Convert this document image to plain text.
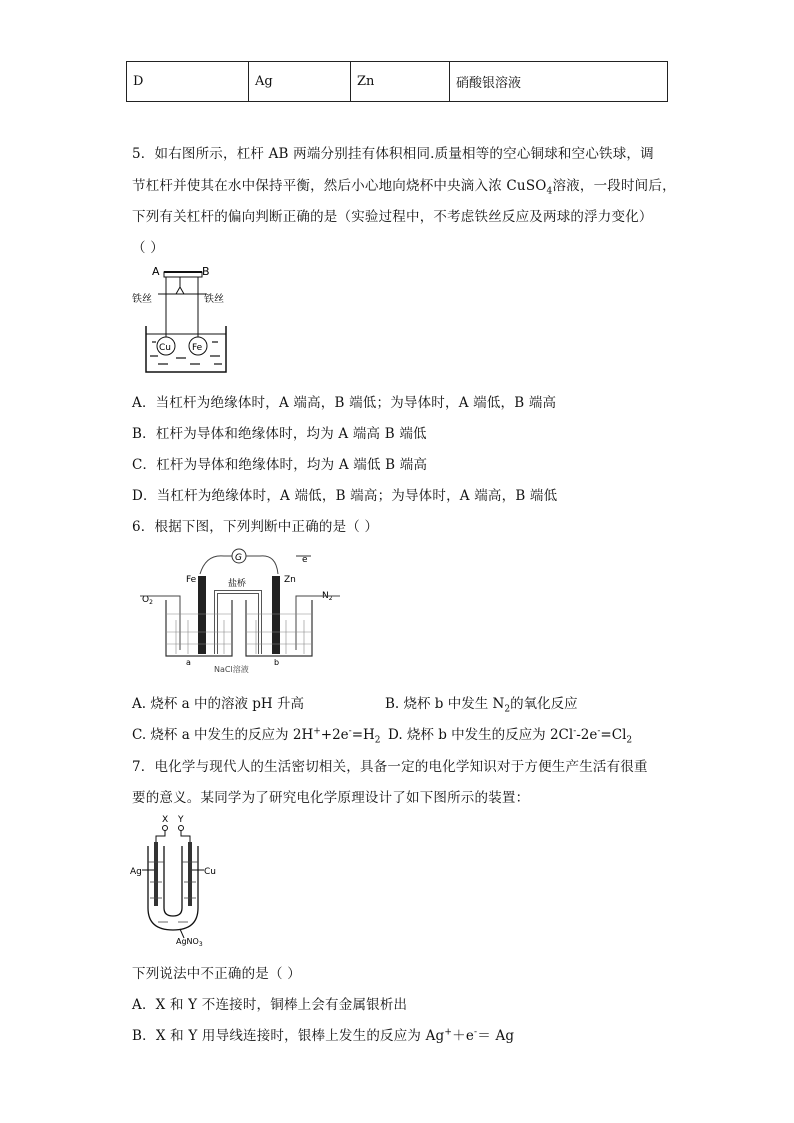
D	Ag	Zn	硝酸银溶液
5．如右图所示，杠杆 AB 两端分别挂有体积相同.质量相等的空心铜球和空心铁球，调
节杠杆并使其在水中保持平衡，然后小心地向烧杯中央滴入浓 CuSO$_4$溶液，一段时间后，
下列有关杠杆的偏向判断正确的是（实验过程中，不考虑铁丝反应及两球的浮力变化）
（ ）
A	B
铁丝	铁丝
Cu Fe
A．当杠杆为绝缘体时，A 端高，B 端低；为导体时，A 端低，B 端高
B．杠杆为导体和绝缘体时，均为 A 端高 B 端低
C．杠杆为导体和绝缘体时，均为 A 端低 B 端高
D．当杠杆为绝缘体时，A 端低，B 端高；为导体时，A 端高，B 端低
6．根据下图，下列判断中正确的是（ ）
G	e
Fe	Zn
盐桥
$O_2$
$N_2$
a	b
NaCl溶液
A. 烧杯 a 中的溶液 pH 升高	B. 烧杯 b 中发生 $N_2$的氧化反应
C. 烧杯 a 中发生的反应为 $2H^++2e^-=H_2$ D. 烧杯 b 中发生的反应为 $2Cl^--2e^-=Cl_2$
7．电化学与现代人的生活密切相关，具备一定的电化学知识对于方便生产生活有很重
要的意义。某同学为了研究电化学原理设计了如下图所示的装置：
X Y
Ag	Cu
AgNO$_3$
下列说法中不正确的是（ ）
A．X 和 Y 不连接时，铜棒上会有金属银析出
B．X 和 Y 用导线连接时，银棒上发生的反应为 Ag+＋e-＝ Ag
